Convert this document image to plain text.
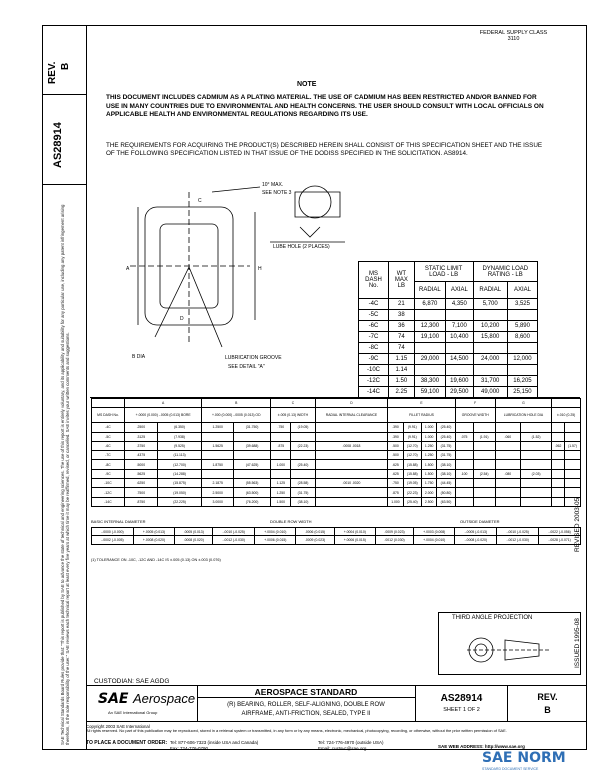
REV. B
AS28914
SAE Technical Standards Board Rules provide that: "This report is published by SAE to advance the state of technical and engineering sciences. The use of this report is entirely voluntary, and its applicability and suitability for any particular use, including any patent infringement arising therefrom, is the sole responsibility of the user." SAE reviews each technical report at least every five years at which time it may be reaffirmed, revised, or cancelled. SAE invites your written comments and suggestions.
FEDERAL SUPPLY CLASS
3110
NOTE
THIS DOCUMENT INCLUDES CADMIUM AS A PLATING MATERIAL. THE USE OF CADMIUM HAS BEEN RESTRICTED AND/OR BANNED FOR USE IN MANY COUNTRIES DUE TO ENVIRONMENTAL AND HEALTH CONCERNS. THE USER SHOULD CONSULT WITH LOCAL OFFICIALS ON APPLICABLE HEALTH AND ENVIRONMENTAL REGULATIONS REGARDING ITS USE.
THE REQUIREMENTS FOR ACQUIRING THE PRODUCT(S) DESCRIBED HEREIN SHALL CONSIST OF THIS SPECIFICATION SHEET AND THE ISSUE OF THE FOLLOWING SPECIFICATION LISTED IN THAT ISSUE OF THE DODISS SPECIFIED IN THE SOLICITATION. AS8914.
10° MAX.
SEE NOTE 3
LUBE HOLE (2 PLACES)
A	H
C
B DIA
D
LUBRICATION GROOVE
SEE DETAIL "A"
MS DASH No.	WT MAX LB	STATIC LIMIT LOAD - LB		DYNAMIC LOAD RATING - LB	
		RADIAL	AXIAL	RADIAL	AXIAL
-4C	21	6,870	4,350	5,700	3,525
-5C	38				
-6C	36	12,300	7,100	10,200	5,890
-7C	74	19,100	10,400	15,800	8,600
-8C	74				
-9C	1.15	29,000	14,500	24,000	12,000
-10C	1.14				
-12C	1.50	38,300	19,600	31,700	16,205
-14C	2.25	59,100	29,500	49,000	25,150
	A		B		C		D	E				F		G			
MS DASH No.	+.0000 (0.000) -.0005 (0.013) BORE		+.000 (0.000) -.0005 (0.013) OD		±.005 (0.13) WIDTH		RADIAL INTERNAL CLEARANCE	FILLET RADIUS				GROOVE WIDTH		LUBRICATION HOLE DIA		±.010 (0.25)	
-4C	.2500	(6.350)	1.2500	(31.750)	.750	(19.05)		.390	(9.91)	1.000	(25.40)						
-5C	.3125	(7.938)						.390	(9.91)	1.000	(25.40)	.075	(1.91)	.060	(1.52)		
-6C	.3750	(9.525)	1.5625	(39.688)	.875	(22.23)	.0008 .0018	.500	(12.70)	1.250	(31.75)					.062	(1.57)
-7C	.4375	(11.113)						.500	(12.70)	1.250	(31.75)						
-8C	.5000	(12.700)	1.8750	(47.625)	1.000	(25.40)		.625	(15.88)	1.500	(38.10)						
-9C	.5625	(14.288)						.625	(15.88)	1.500	(38.10)	.100	(2.54)	.080	(2.03)		
-10C	.6250	(15.875)	2.1875	(55.563)	1.125	(28.58)	.0010 .0020	.750	(19.05)	1.750	(44.45)						
-12C	.7500	(19.050)	2.5000	(63.500)	1.250	(31.75)		.875	(22.23)	2.000	(50.80)						
-14C	.8750	(22.225)	3.0000	(76.200)	1.500	(38.10)		1.000	(25.40)	2.500	(63.50)						
BASIC INTERNAL DIAMETER	DOUBLE ROW WIDTH	OUTSIDE DIAMETER
-.0000 (-0.000)	+.0005 (0.013)	.0005 (0.013)	-.0010 (-0.025)	+.0004 (0.010)	.0006 (0.015)	+.0004 (0.010)	.0009 (0.023)	+.0003 (0.008)	-.0005 (-0.013)	-.0010 (-0.025)	-.0022 (-0.056)
-.0002 (-0.005)	+.0008 (0.020)	.0008 (0.020)	-.0012 (-0.030)	+.0006 (0.015)	.0009 (0.023)	+.0006 (0.015)	.0012 (0.030)	+.0004 (0.010)	-.0008 (-0.020)	-.0012 (-0.030)	-.0028 (-0.071)
(1) TOLERANCE ON -10C, -12C AND -14C IS ±.005 (0.13) ON ±.003 (0.076)
THIRD ANGLE PROJECTION
ISSUED 1995-08
REVISED 2003-05
CUSTODIAN: SAE AGDG
SAE Aerospace
An SAE International Group
AEROSPACE STANDARD
(R) BEARING, ROLLER, SELF-ALIGNING, DOUBLE ROW
AIRFRAME, ANTI-FRICTION, SEALED, TYPE II
AS28914
SHEET 1 OF 2
REV.
B
Copyright 2003 SAE International
All rights reserved. No part of this publication may be reproduced, stored in a retrieval system or transmitted, in any form or by any means, electronic, mechanical, photocopying, recording, or otherwise, without the prior written permission of SAE.
TO PLACE A DOCUMENT ORDER: Tel: 877-606-7323 (inside USA and Canada)
Fax: 724-776-0790
Tel: 724-776-4970 (outside USA)
Email: custsvc@sae.org	SAE WEB ADDRESS: http://www.sae.org
SAE NORM
STANDARD DOCUMENT SERVICE
